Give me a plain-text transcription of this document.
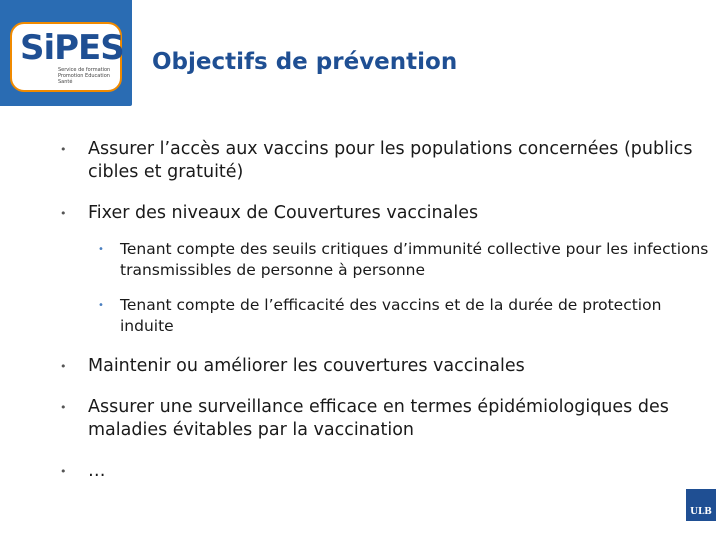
SiPES
Service de formation Promotion Education Santé
Objectifs de prévention
• Assurer l’accès aux vaccins pour les populations concernées (publics cibles et gratuité)
• Fixer des niveaux de Couvertures vaccinales
• Tenant compte des seuils critiques d’immunité collective pour les infections transmissibles de personne à personne
• Tenant compte de l’efficacité des vaccins et de la durée de protection induite
• Maintenir ou améliorer les couvertures vaccinales
• Assurer une surveillance efficace en termes épidémiologiques des maladies évitables par la vaccination
• …
ULB
